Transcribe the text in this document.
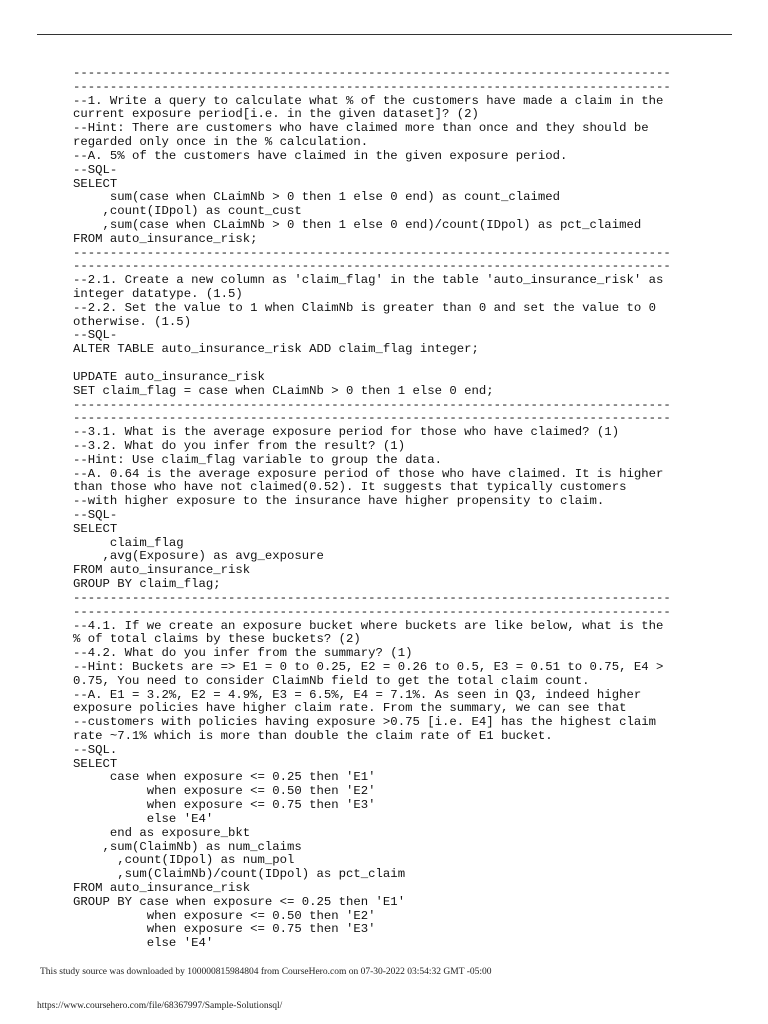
---------------------------------------------------------------------------------
---------------------------------------------------------------------------------
--1. Write a query to calculate what % of the customers have made a claim in the
current exposure period[i.e. in the given dataset]? (2)
--Hint: There are customers who have claimed more than once and they should be
regarded only once in the % calculation.
--A. 5% of the customers have claimed in the given exposure period.
--SQL-
SELECT
sum(case when CLaimNb > 0 then 1 else 0 end) as count_claimed
,count(IDpol) as count_cust
,sum(case when CLaimNb > 0 then 1 else 0 end)/count(IDpol) as pct_claimed
FROM auto_insurance_risk;
---------------------------------------------------------------------------------
---------------------------------------------------------------------------------
--2.1. Create a new column as 'claim_flag' in the table 'auto_insurance_risk' as
integer datatype. (1.5)
--2.2. Set the value to 1 when ClaimNb is greater than 0 and set the value to 0
otherwise. (1.5)
--SQL-
ALTER TABLE auto_insurance_risk ADD claim_flag integer;
UPDATE auto_insurance_risk
SET claim_flag = case when CLaimNb > 0 then 1 else 0 end;
---------------------------------------------------------------------------------
---------------------------------------------------------------------------------
--3.1. What is the average exposure period for those who have claimed? (1)
--3.2. What do you infer from the result? (1)
--Hint: Use claim_flag variable to group the data.
--A. 0.64 is the average exposure period of those who have claimed. It is higher
than those who have not claimed(0.52). It suggests that typically customers
--with higher exposure to the insurance have higher propensity to claim.
--SQL-
SELECT
claim_flag
,avg(Exposure) as avg_exposure
FROM auto_insurance_risk
GROUP BY claim_flag;
---------------------------------------------------------------------------------
---------------------------------------------------------------------------------
--4.1. If we create an exposure bucket where buckets are like below, what is the
% of total claims by these buckets? (2)
--4.2. What do you infer from the summary? (1)
--Hint: Buckets are => E1 = 0 to 0.25, E2 = 0.26 to 0.5, E3 = 0.51 to 0.75, E4 >
0.75, You need to consider ClaimNb field to get the total claim count.
--A. E1 = 3.2%, E2 = 4.9%, E3 = 6.5%, E4 = 7.1%. As seen in Q3, indeed higher
exposure policies have higher claim rate. From the summary, we can see that
--customers with policies having exposure >0.75 [i.e. E4] has the highest claim
rate ~7.1% which is more than double the claim rate of E1 bucket.
--SQL.
SELECT
case when exposure <= 0.25 then 'E1'
when exposure <= 0.50 then 'E2'
when exposure <= 0.75 then 'E3'
else 'E4'
end as exposure_bkt
,sum(ClaimNb) as num_claims
,count(IDpol) as num_pol
,sum(ClaimNb)/count(IDpol) as pct_claim
FROM auto_insurance_risk
GROUP BY case when exposure <= 0.25 then 'E1'
when exposure <= 0.50 then 'E2'
when exposure <= 0.75 then 'E3'
else 'E4'
This study source was downloaded by 100000815984804 from CourseHero.com on 07-30-2022 03:54:32 GMT -05:00
https://www.coursehero.com/file/68367997/Sample-Solutionsql/
